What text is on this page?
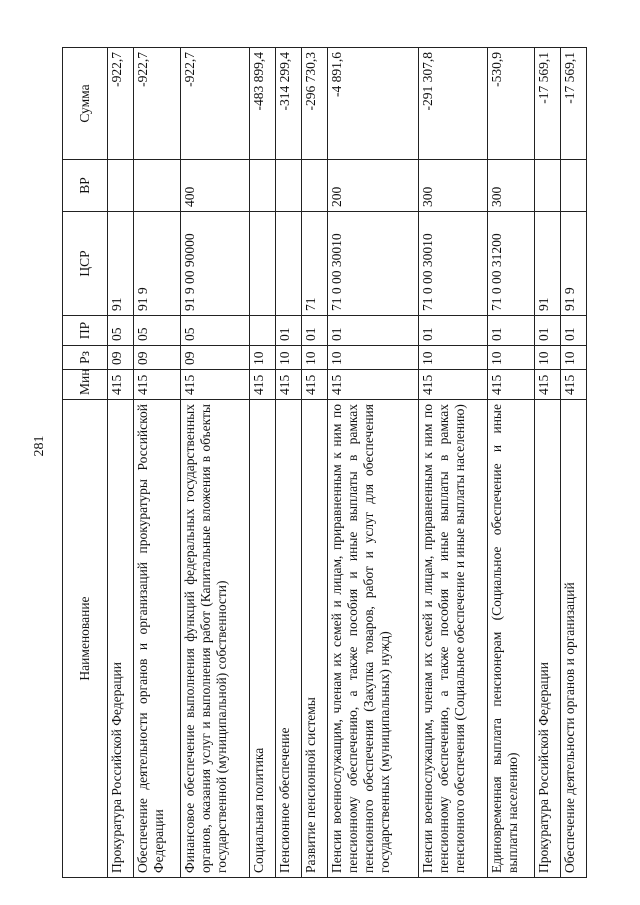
281
Наименование	Мин	Рз	ПР	ЦСР	ВР	Сумма
Прокуратура Российской Федерации	415	09	05	91		-922,7
Обеспечение деятельности органов и организаций прокуратуры Российской Федерации	415	09	05	91 9		-922,7
Финансовое обеспечение выполнения функций федеральных государственных органов, оказания услуг и выполнения работ (Капитальные вложения в объекты государственной (муниципальной) собственности)	415	09	05	91 9 00 90000	400	-922,7
Социальная политика	415	10				-483 899,4
Пенсионное обеспечение	415	10	01			-314 299,4
Развитие пенсионной системы	415	10	01	71		-296 730,3
Пенсии военнослужащим, членам их семей и лицам, приравненным к ним по пенсионному обеспечению, а также пособия и иные выплаты в рамках пенсионного обеспечения (Закупка товаров, работ и услуг для обеспечения государственных (муниципальных) нужд)	415	10	01	71 0 00 30010	200	-4 891,6
Пенсии военнослужащим, членам их семей и лицам, приравненным к ним по пенсионному обеспечению, а также пособия и иные выплаты в рамках пенсионного обеспечения (Социальное обеспечение и иные выплаты населению)	415	10	01	71 0 00 30010	300	-291 307,8
Единовременная выплата пенсионерам (Социальное обеспечение и иные выплаты населению)	415	10	01	71 0 00 31200	300	-530,9
Прокуратура Российской Федерации	415	10	01	91		-17 569,1
Обеспечение деятельности органов и организаций	415	10	01	91 9		-17 569,1
